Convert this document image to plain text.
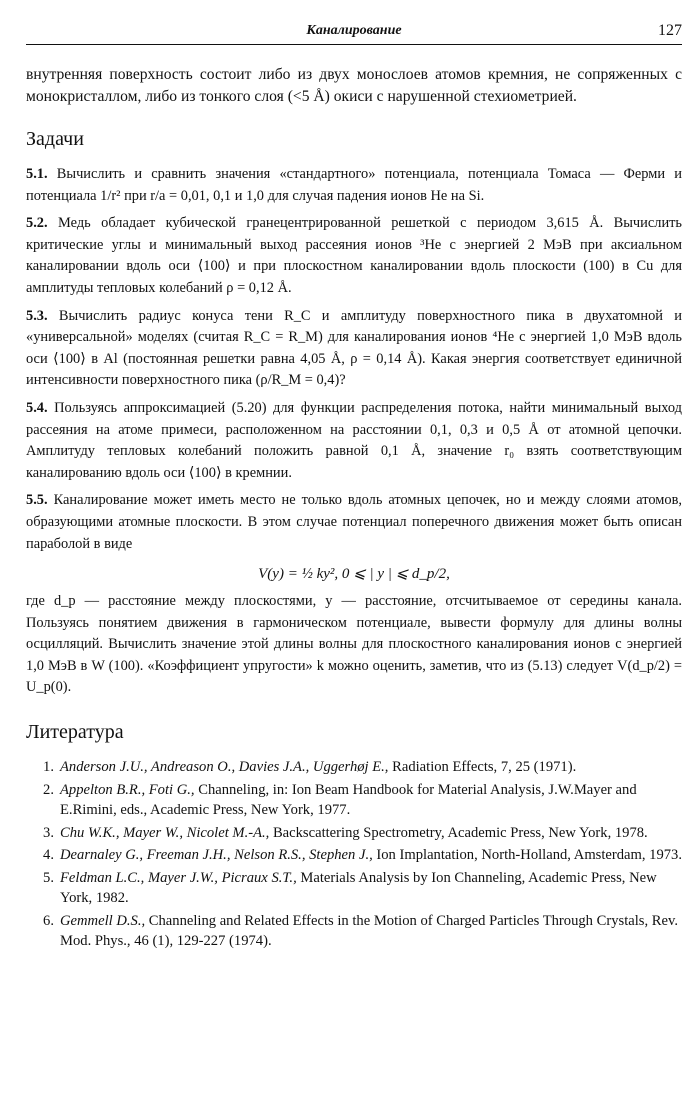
Каналирование	127

внутренняя поверхность состоит либо из двух монослоев атомов кремния, не сопряженных с монокристаллом, либо из тонкого слоя (<5 Å) окиси с нарушенной стехиометрией.

Задачи

5.1. Вычислить и сравнить значения «стандартного» потенциала, потенциала Томаса — Ферми и потенциала 1/r² при r/a = 0,01, 0,1 и 1,0 для случая падения ионов He на Si.

5.2. Медь обладает кубической гранецентрированной решеткой с периодом 3,615 Å. Вычислить критические углы и минимальный выход рассеяния ионов ³He с энергией 2 МэВ при аксиальном каналировании вдоль оси ⟨100⟩ и при плоскостном каналировании вдоль плоскости (100) в Cu для амплитуды тепловых колебаний ρ = 0,12 Å.

5.3. Вычислить радиус конуса тени R_C и амплитуду поверхностного пика в двухатомной и «универсальной» моделях (считая R_C = R_M) для каналирования ионов ⁴He с энергией 1,0 МэВ вдоль оси ⟨100⟩ в Al (постоянная решетки равна 4,05 Å, ρ = 0,14 Å). Какая энергия соответствует единичной интенсивности поверхностного пика (ρ/R_M = 0,4)?

5.4. Пользуясь аппроксимацией (5.20) для функции распределения потока, найти минимальный выход рассеяния на атоме примеси, расположенном на расстоянии 0,1, 0,3 и 0,5 Å от атомной цепочки. Амплитуду тепловых колебаний положить равной 0,1 Å, значение r₀ взять соответствующим каналированию вдоль оси ⟨100⟩ в кремнии.

5.5. Каналирование может иметь место не только вдоль атомных цепочек, но и между слоями атомов, образующими атомные плоскости. В этом случае потенциал поперечного движения может быть описан параболой в виде

V(y) = ½ ky², 0 ⩽ | y | ⩽ d_p/2,

где d_p — расстояние между плоскостями, y — расстояние, отсчитываемое от середины канала. Пользуясь понятием движения в гармоническом потенциале, вывести формулу для длины волны осцилляций. Вычислить значение этой длины волны для плоскостного каналирования ионов с энергией 1,0 МэВ в W (100). «Коэффициент упругости» k можно оценить, заметив, что из (5.13) следует V(d_p/2) = U_p(0).

Литература
1. Anderson J.U., Andreason O., Davies J.A., Uggerhøj E., Radiation Effects, 7, 25 (1971).
2. Appelton B.R., Foti G., Channeling, in: Ion Beam Handbook for Material Analysis, J.W.Mayer and E.Rimini, eds., Academic Press, New York, 1977.
3. Chu W.K., Mayer W., Nicolet M.-A., Backscattering Spectrometry, Academic Press, New York, 1978.
4. Dearnaley G., Freeman J.H., Nelson R.S., Stephen J., Ion Implantation, North-Holland, Amsterdam, 1973.
5. Feldman L.C., Mayer J.W., Picraux S.T., Materials Analysis by Ion Channeling, Academic Press, New York, 1982.
6. Gemmell D.S., Channeling and Related Effects in the Motion of Charged Particles Through Crystals, Rev. Mod. Phys., 46 (1), 129-227 (1974).
